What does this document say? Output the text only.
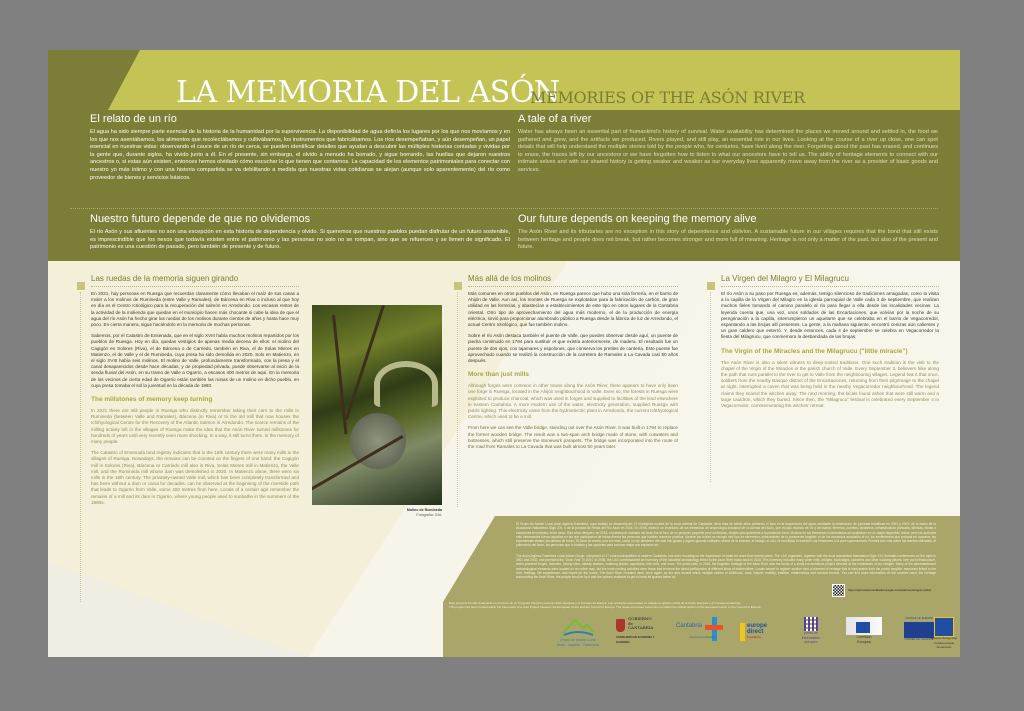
LA MEMORIA DEL ASÓN
MEMORIES OF THE ASÓN RIVER
El relato de un río

El agua ha sido siempre parte esencial de la historia de la humanidad por la supervivencia. La disponibilidad de agua definía los lugares por los que nos movíamos y en los que nos asentábamos, los alimentos que recolectábamos y cultivábamos, los instrumentos que fabricábamos. Los ríos desempeñaban, y aún desempeñan, un papel esencial en nuestras vidas: observando el cauce de un río de cerca, se pueden identificar detalles que ayudan a descubrir las múltiples historias contadas y vividas por la gente que, durante siglos, ha vivido junto a él. En el presente, sin embargo, el olvido a menudo ha borrado, y sigue borrando, las huellas que dejaron nuestros ancestros o, si estas aún existen, entonces hemos olvidado cómo escuchar lo que tienen que contarnos. La capacidad de los elementos patrimoniales para conectar con nuestro yo más íntimo y con una historia compartida se va debilitando a medida que nuestras vidas cotidianas se alejan (aunque solo aparentemente) del río como proveedor de bienes y servicios básicos.

A tale of a river

Water has always been an essential part of humankind's history of survival. Water availability has determined the places we moved around and settled in, the food we gathered and grew, and the artifacts we produced. Rivers played, and still play, an essential role in our lives. Looking at the course of a river up close, one can spot details that will help understand the multiple stories told by the people who, for centuries, have lived along the river. Forgetting about the past has erased, and continues to erase, the traces left by our ancestors or we have forgotten how to listen to what our ancestors have to tell us. The ability of heritage elements to connect with our intimate selves and with our shared history is getting weaker and weaker as our everyday lives apparently move away from the river as a provider of basic goods and services.

Nuestro futuro depende de que no olvidemos

El río Asón y sus afluentes no son una excepción en esta historia de dependencia y olvido. Si queremos que nuestros pueblos puedan disfrutar de un futuro sostenible, es imprescindible que los nexos que todavía existen entre el patrimonio y las personas no solo no se rompan, sino que se refuercen y se llenen de significado. El patrimonio es una cuestión de pasado, pero también de presente y de futuro.

Our future depends on keeping the memory alive

The Asón River and its tributaries are no exception in this story of dependence and oblivion. A sustainable future in our villages requires that the bond that still exists between heritage and people does not break, but rather becomes stronger and more full of meaning. Heritage is not only a matter of the past, but also of the present and future.

Las ruedas de la memoria siguen girando

En 2021, hay personas en Ruesga que recuerdan claramente cómo llevaban el maíz de sus casas a moler a los molinos de Rumineda (entre Valle y Ramales), de Bárcena en Riva o incluso al que hoy en día es el Centro Ictiológico para la recuperación del salmón en Arredondo. Los escasos restos de la actividad de la molienda que quedan en el municipio hacen más chocante si cabe la idea de que el agua del río Asón ha hecho girar las ruedas de los molinos durante cientos de años y hasta hace muy poco. En cierta manera, sigue haciéndolo en la memoria de muchas personas.

Sabemos, por el Catastro de Ensenada, que en el siglo XVIII había muchos molinos repartidos por los pueblos de Ruesga. Hoy en día, quedan vestigios de apenas media decena de ellos: el molino del Cagigón en Solores (Riva), el de Bárcena o de Carriedo, también en Riva, el de Solas Mieres en Matienzo, el de Valle y el de Rumineda, cuya presa ha sido demolida en 2020. Solo en Matienzo, en el siglo XVIII había seis molinos. El molino de Valle, profundamente transformado, con la presa y el canal desaparecidos desde hace décadas, y de propiedad privada, puede observarse al inicio de la senda fluvial del Asón, en su tramo de Valle a Ogarrio, a escasos 400 metros de aquí. En la memoria de los vecinos de cierta edad de Ogarrio están también las ruinas de un molino en dicho pueblo, en cuya presa tomaba el sol la juventud en la década de 1960.

The millstones of memory keep turning

In 2021 there are still people in Ruesga who distinctly remember taking their corn to the mills in Rumineda (between Valle and Ramales), Bárcena (in Riva) or to the old mill that now houses the Ichthyological Centre for the Recovery of the Atlantic Salmon in Arredondo. The scarce remains of the milling activity left in the villages of Ruesga make the idea that the Asón River turned millstones for hundreds of years until very recently even more shocking. In a way, it still turns them, in the memory of many people.

The Catastro of Ensenada land registry indicates that in the 18th century there were many mills in the villages of Ruesga. Nowadays, the remains can be counted on the fingers of one hand: the Cagigón mill in Solores (Riva), Bárcena or Carriedo mill also in Riva, Solas Mieres mill in Matienzo, the Valle mill, and the Rumineda mill whose dam was demolished in 2020. In Matienzo alone, there were six mills in the 18th century. The privately-owned Valle mill, which has been completely transformed and has been without a dam or canal for decades, can be observed at the beginning of the riverside path that leads to Ogarrio from Valle, some 400 metres from here. Locals of a certain age remember the remains of a mill and its dam in Ogarrio, where young people used to sunbathe in the summers of the 1960s.

Molino de Rumineda
Fotografía: GAL
Más allá de los molinos

Más comunes en otros pueblos del Asón, en Ruesga parece que hubo una sola ferrería, en el barrio de Ahijón de Valle. Aun así, los montes de Ruesga se explotaban para la fabricación de carbón, de gran utilidad en las ferrerías, y abastecían a establecimientos de este tipo en otros lugares de la Cantabria oriental. Otro tipo de aprovechamiento del agua más moderno, el de la producción de energía eléctrica, sirvió para proporcionar alumbrado público a Ruesga desde la fábrica de luz de Arredondo, el actual Centro Ictiológico, que fue también molino.

Sobre el río Asón destaca también el puente de Valle, que puedes observar desde aquí, un puente de piedra construido en 1794 para sustituir el que existía anteriormente, de madera. El resultado fue un puente de dos ojos, con tajamares y espolones, que conserva los pretiles de cantería. Este puente fue aprovechado cuando se realizó la construcción de la carretera de Ramales a La Cavada casi 50 años después.

More than just mills

Although forges were common in other towns along the Asón River, there appears to have only been one forge in Ruesga, located in the Ahijón neighbourhood in Valle. Even so, the forests in Ruesga were exploited to produce charcoal, which was used in forges and supplied to facilities of the kind elsewhere in eastern Cantabria. A more modern use of the water, electricity generation, supplied Ruesga with public lighting. This electricity came from the hydroelectric plant in Arredondo, the current Ichthyological Centre, which used to be a mill.

From here we can see the Valle bridge, standing out over the Asón River. It was built in 1794 to replace the former wooden bridge. The result was a two-span arch bridge made of stone, with cutwaters and buttresses, which still preserve the stonework parapets. The bridge was incorporated into the route of the road from Ramales to La Cavada that was built almost 50 years later.

La Virgen del Milagro y El Milagrucu

El río Asón a su paso por Ruesga es, además, testigo silencioso de tradiciones arraigadas, como la visita a la capilla de la Virgen del Milagro en la iglesia parroquial de Valle cada 3 de septiembre, que realizan muchos fieles tomando el camino paralelo al río para llegar a ella desde las localidades vecinas. La leyenda cuenta que, una vez, unos soldados de las Encartaciones, que volvían por la noche de su peregrinación a la capilla, interrumpieron un aquelarre que se celebraba en el barrio de Vegacorredor, espantando a las brujas allí presentes. La gente, a la mañana siguiente, encontró cenizas aún calientes y un gran caldero que enterró. Y, desde entonces, cada 4 de septiembre se celebra en Vegacorredor la fiesta del Milagrucu, que conmemora la desbandada de las brujas.

The Virgin of the Miracles and the Milagrucu ("little miracle")

The Asón River is also a silent witness to deep-rooted traditions. One such tradition is the visit to the chapel of the Virgin of the Miracles in the parish church of Valle. Every September 3, believers hike along the path that runs parallel to the river to get to Valle from the neighbouring villages. Legend has it that once, soldiers from the nearby Basque district of the Encartaciones, returning from their pilgrimage to the chapel at night, interrupted a coven that was being held in the nearby Vegacorredor neighbourhood. The legend claims they scared the witches away. The next morning, the locals found ashes that were still warm and a large cauldron, which they buried. Since then, the "Milagrucu" festival is celebrated every September 4 in Vegacorredor, commemorating the witches' retreat.

El Grupo de Acción Local Asón-Agüera-Trasmiera, cuyo trabajo se desarrolla en 17 municipios rurales de la zona oriental de Cantabria, lleva más de veinte años poniendo el foco en la importancia del agua, mediante la celebración de jornadas temáticas en 2001 y 2002, de la mano de la Asociación Naturaleza Siglo XXI, o de la jornada de Fiesta del Río Asón en 2004. En 2008, elaboró un inventario de los elementos de arqueología industrial de la cuenca del Asón, que incluyó molinos de río y de marea, ferrerías, puentes, lavaderos, infraestructura portuaria, fábricas, minas o estaciones ferroviarias, entre otros. Diez años después, en 2018, el patrimonio olvidado del Asón fue el foco de un proyecto pequeño pero ambicioso, dirigido principalmente a la población local. Muchos de los elementos inventariados se localizaron en un mapa disponible online, pero las acciones más interesantes fueron aquellas en las que participaron de forma directa las personas que habitan nuestros pueblos, durante las cuales se recogió otro tipo de elementos, indisociables de lo puramente tangible: el de los recuerdos asociados al río, los sentimientos que provoca en nosotros, las experiencias vitales, los deseos de futuro. El Asón se revela, una vez más, como un eje alrededor del cual han girado y siguen girando múltiples relatos de la infancia, el trabajo, el ocio, la movilidad, la tradición, las relaciones o la pura supervivencia. Puedes leer más sobre las fuentes utilizadas, el patrimonio del Asón, las personas que lo habitan y las opciones para conocer mejor sus espacios en:

The Asón-Agüera-Trasmiera Local Action Group, composed of 17 rural municipalities of eastern Cantabria, has been focusing on the importance of water for more than twenty years. The LAG organised, together with the local association Naturaleza Siglo XXI, thematic conferences on the topic in 2001 and 2002, and promoted the "Asón Fest" in 2004. In 2008, the LAG commissioned an inventory of the industrial archaeology linked to the Asón River basin back in 2008. This inventory included many water mills, bridges, footbridges, laundries and other washing places, river port infrastructure, water-powered forges, factories, mining sites, railway stations, watering places, aqueducts, tide mills, and more. Ten years later, in 2018, the forgotten heritage of the Asón River was the focus of a small but ambitious project directed at the inhabitants of our villages. Many of the aforementioned archaeological elements were located on an online map, but the most exciting activities were those that involved the direct participation of different kinds of stakeholders. Locals helped to register another kind of element of heritage that is inseparable from the purely tangible: memories linked to the river, feelings, life experiences, and hopes for the future. The Asón River revealed itself, once again, as the axis around which multiple stories of childhood, work, leisure, mobility, tradition, relationships and survival revolve. You can find more information on the sources used, the heritage surrounding the Asón River, the people who live by it and the options available to get to know its spaces better at:

Este proyecto ha sido financiado en el marco de un Proyecto Conjunto entre la Unión Europea y el Consejo de Europa. Las opiniones expresadas no reflejan la opinión oficial de la Unión Europea o el Consejo de Europa.
This project has been funded within the framework of a Joint Project between the European Union and the Council of Europe. The views expressed herein do not reflect the official opinion of the European Union or the Council of Europe.
https://parrocasonolvidadoruesgas.com/patrimoniologia-virelaz
Grupo de Acción Local
Asón · Agüera · Trasmiera
GOBIERNO
de
CANTABRIA
CONSEJERÍA DE ECONOMÍA Y HACIENDA
Cantabria
Centro Coordinador
europe
direct
Cantabria
punto de
información
europeo
Comisión
Europea
COUNCIL OF EUROPE
CONSEIL DE L'EUROPE
European Heritage Days
Jornadas europeas
del patrimonio
